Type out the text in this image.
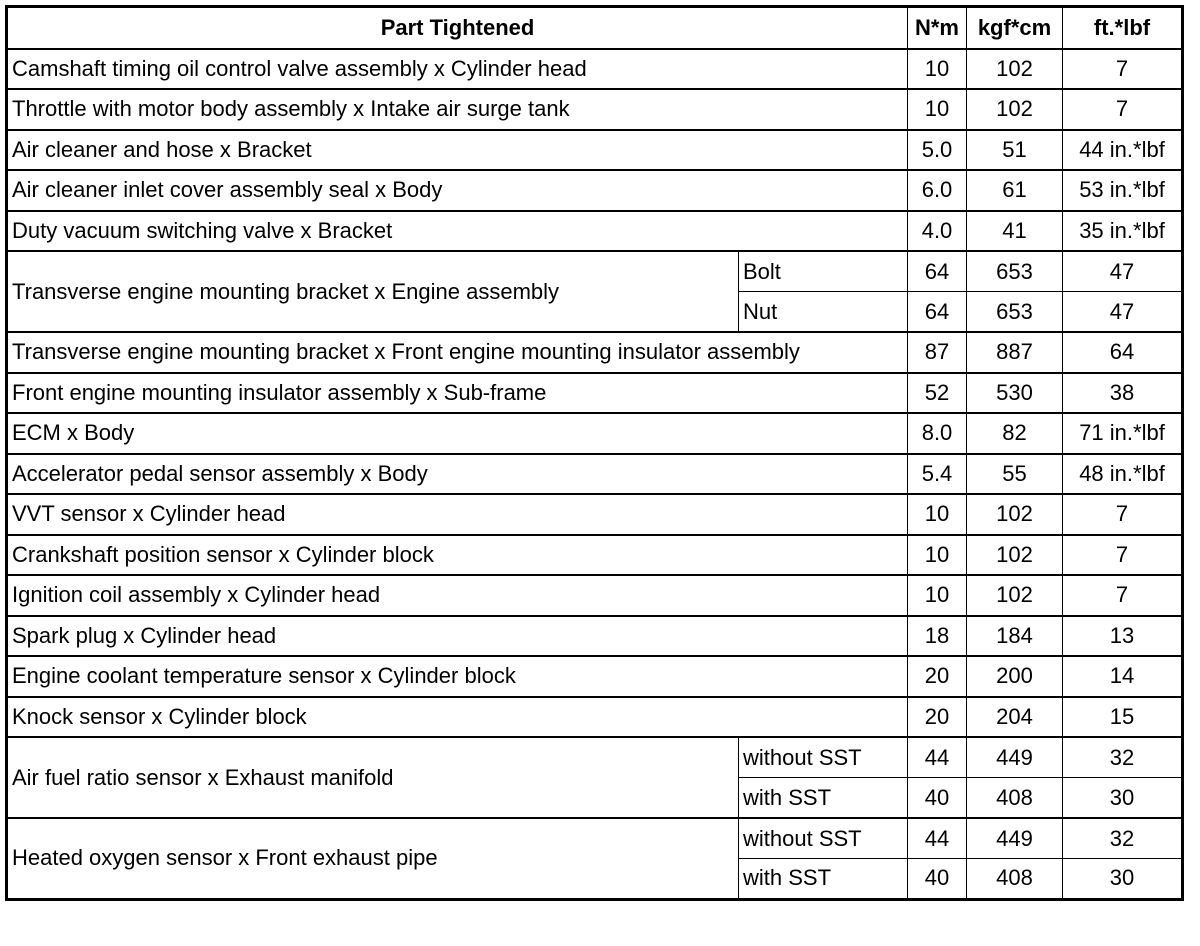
Part Tightened		N*m	kgf*cm	ft.*lbf
Camshaft timing oil control valve assembly x Cylinder head		10	102	7
Throttle with motor body assembly x Intake air surge tank		10	102	7
Air cleaner and hose x Bracket		5.0	51	44 in.*lbf
Air cleaner inlet cover assembly seal x Body		6.0	61	53 in.*lbf
Duty vacuum switching valve x Bracket		4.0	41	35 in.*lbf
Transverse engine mounting bracket x Engine assembly	Bolt	64	653	47
	Nut	64	653	47
Transverse engine mounting bracket x Front engine mounting insulator assembly		87	887	64
Front engine mounting insulator assembly x Sub-frame		52	530	38
ECM x Body		8.0	82	71 in.*lbf
Accelerator pedal sensor assembly x Body		5.4	55	48 in.*lbf
VVT sensor x Cylinder head		10	102	7
Crankshaft position sensor x Cylinder block		10	102	7
Ignition coil assembly x Cylinder head		10	102	7
Spark plug x Cylinder head		18	184	13
Engine coolant temperature sensor x Cylinder block		20	200	14
Knock sensor x Cylinder block		20	204	15
Air fuel ratio sensor x Exhaust manifold	without SST	44	449	32
	with SST	40	408	30
Heated oxygen sensor x Front exhaust pipe	without SST	44	449	32
	with SST	40	408	30
